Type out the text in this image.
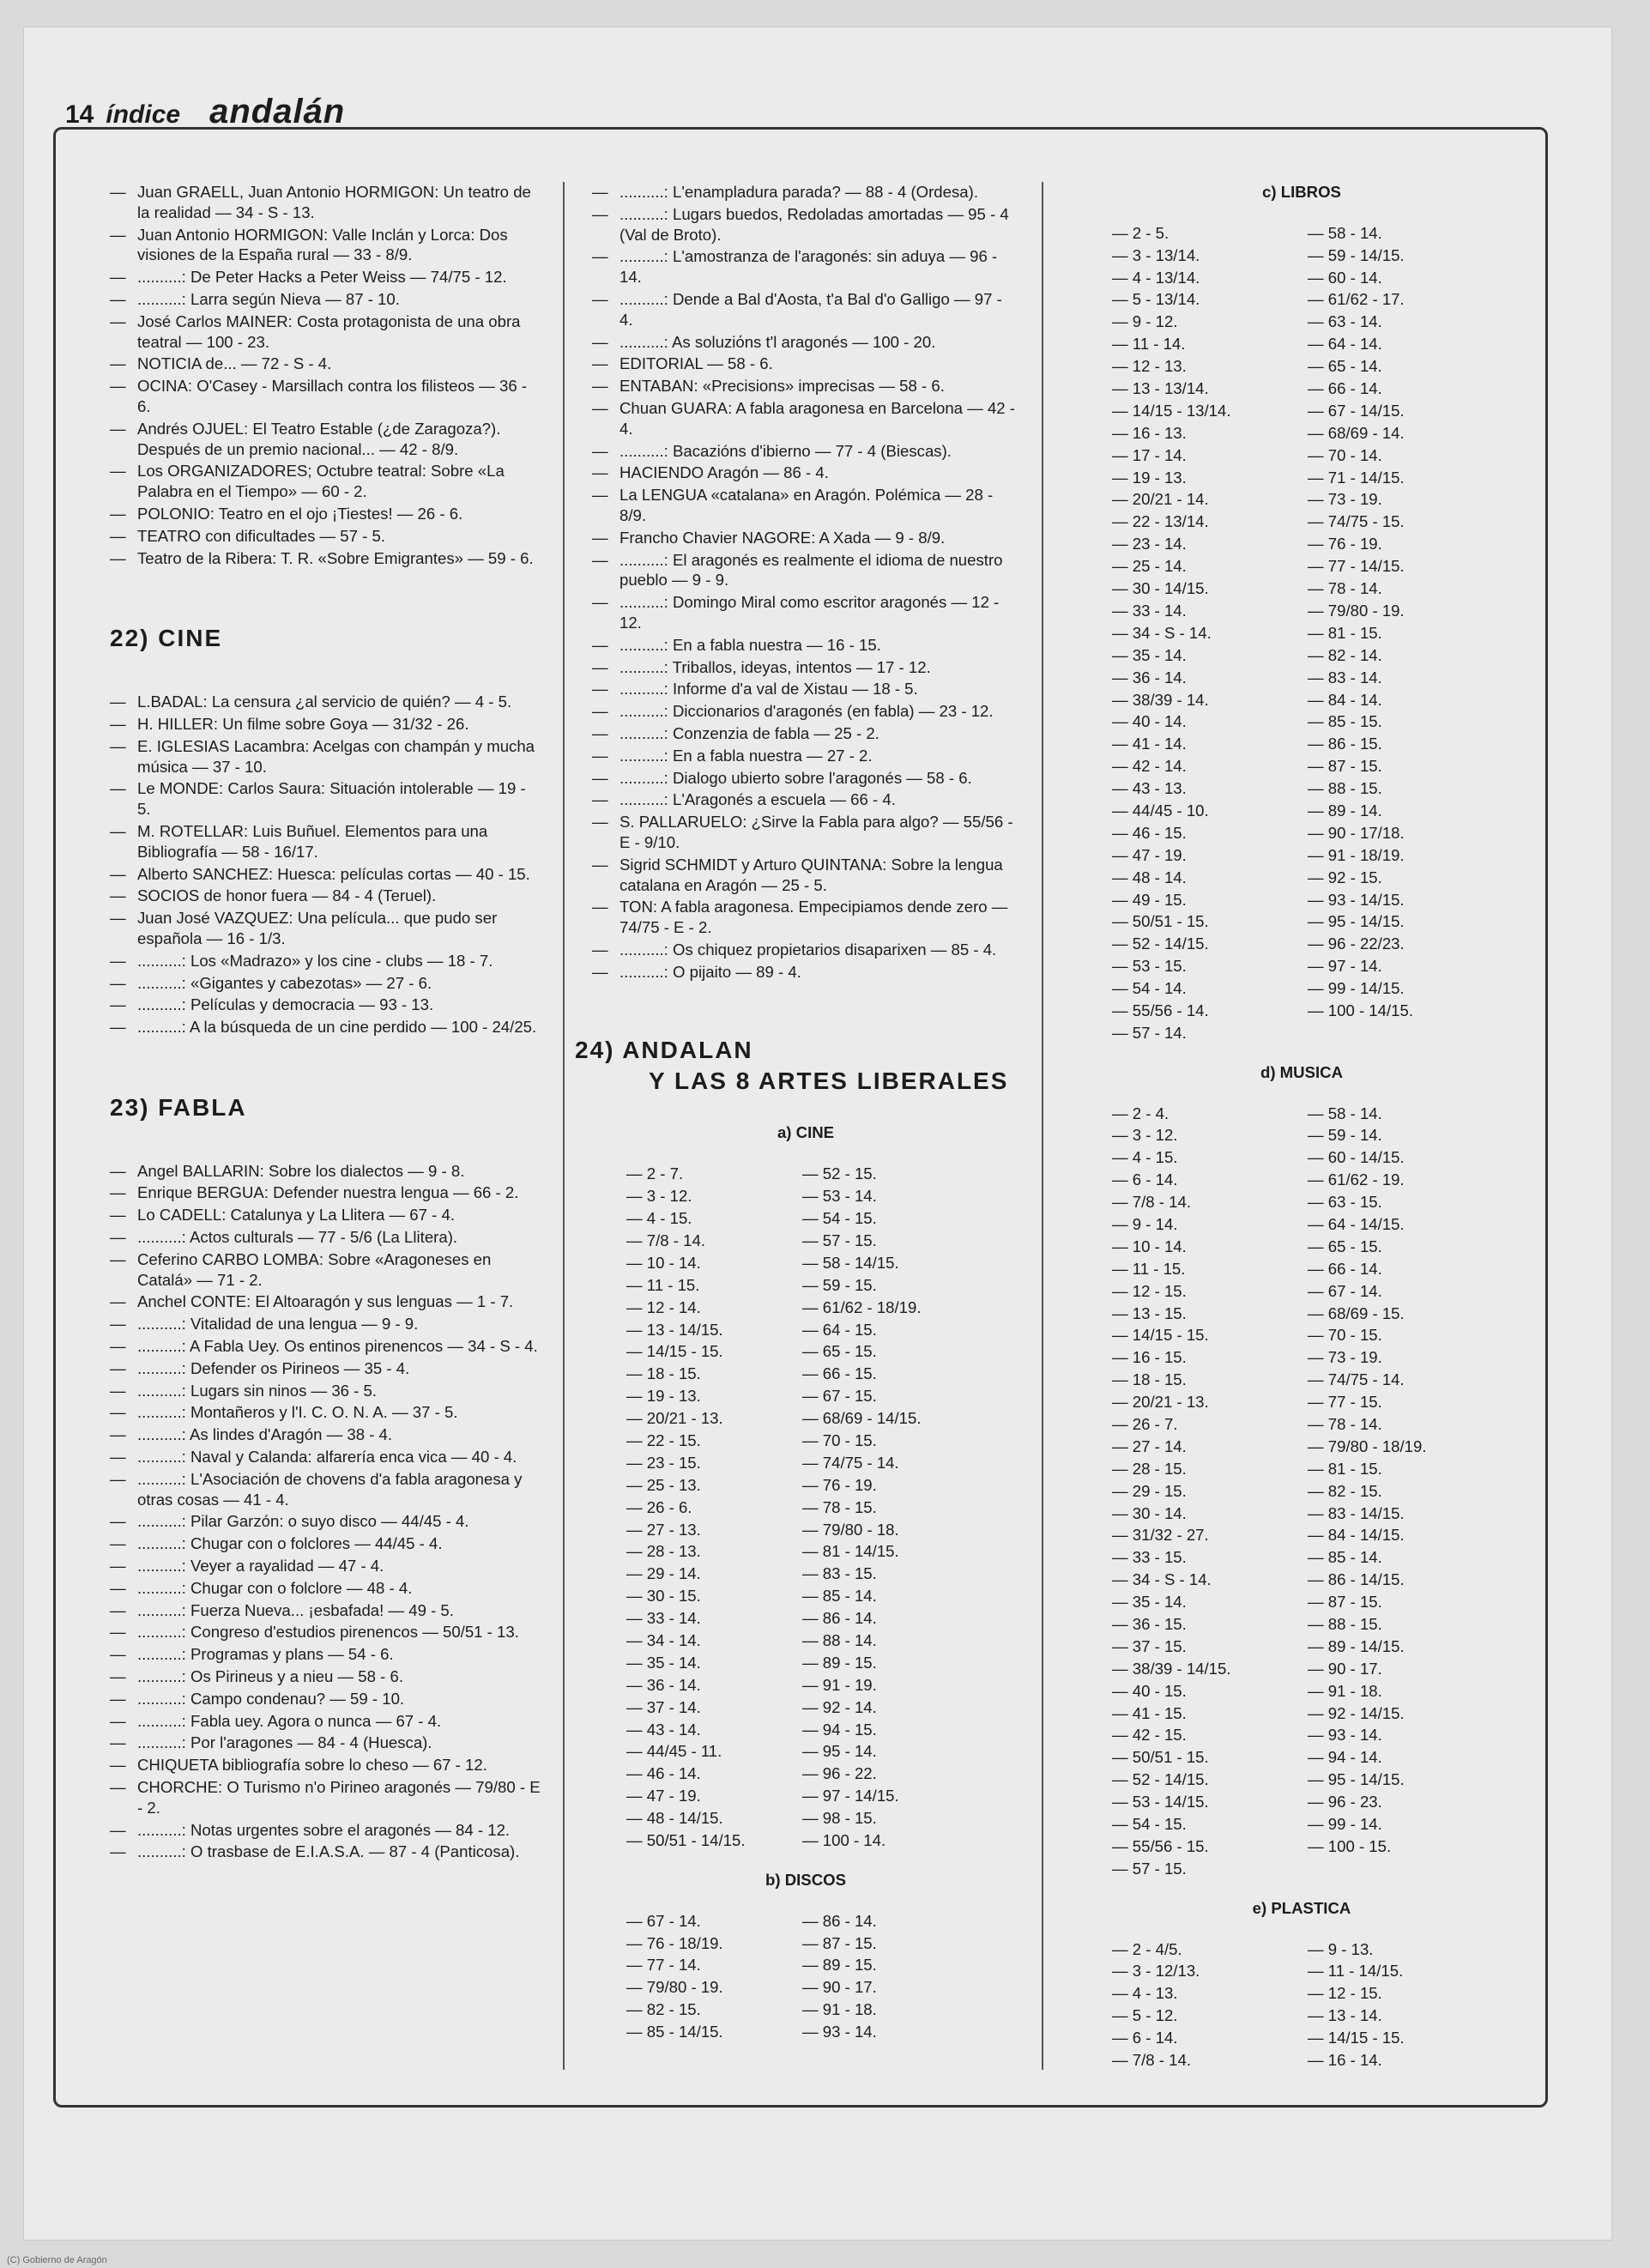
14 índice andalán
— Juan GRAELL, Juan Antonio HORMIGON: Un teatro de la realidad — 34 - S - 13.
— Juan Antonio HORMIGON: Valle Inclán y Lorca: Dos visiones de la España rural — 33 - 8/9.
— ..........: De Peter Hacks a Peter Weiss — 74/75 - 12.
— ..........: Larra según Nieva — 87 - 10.
— José Carlos MAINER: Costa protagonista de una obra teatral — 100 - 23.
— NOTICIA de... — 72 - S - 4.
— OCINA: O'Casey - Marsillach contra los filisteos — 36 - 6.
— Andrés OJUEL: El Teatro Estable (¿de Zaragoza?). Después de un premio nacional... — 42 - 8/9.
— Los ORGANIZADORES; Octubre teatral: Sobre «La Palabra en el Tiempo» — 60 - 2.
— POLONIO: Teatro en el ojo ¡Tiestes! — 26 - 6.
— TEATRO con dificultades — 57 - 5.
— Teatro de la Ribera: T. R. «Sobre Emigrantes» — 59 - 6.
22) CINE
— L.BADAL: La censura ¿al servicio de quién? — 4 - 5.
— H. HILLER: Un filme sobre Goya — 31/32 - 26.
— E. IGLESIAS Lacambra: Acelgas con champán y mucha música — 37 - 10.
— Le MONDE: Carlos Saura: Situación intolerable — 19 - 5.
— M. ROTELLAR: Luis Buñuel. Elementos para una Bibliografía — 58 - 16/17.
— Alberto SANCHEZ: Huesca: películas cortas — 40 - 15.
— SOCIOS de honor fuera — 84 - 4 (Teruel).
— Juan José VAZQUEZ: Una película... que pudo ser española — 16 - 1/3.
— ..........: Los «Madrazo» y los cine - clubs — 18 - 7.
— ..........: «Gigantes y cabezotas» — 27 - 6.
— ..........: Películas y democracia — 93 - 13.
— ..........: A la búsqueda de un cine perdido — 100 - 24/25.
23) FABLA
— Angel BALLARIN: Sobre los dialectos — 9 - 8.
— Enrique BERGUA: Defender nuestra lengua — 66 - 2.
— Lo CADELL: Catalunya y La Llitera — 67 - 4.
— ..........: Actos culturals — 77 - 5/6 (La Llitera).
— Ceferino CARBO LOMBA: Sobre «Aragoneses en Catalá» — 71 - 2.
— Anchel CONTE: El Altoaragón y sus lenguas — 1 - 7.
— ..........: Vitalidad de una lengua — 9 - 9.
— ..........: A Fabla Uey. Os entinos pirenencos — 34 - S - 4.
— ..........: Defender os Pirineos — 35 - 4.
— ..........: Lugars sin ninos — 36 - 5.
— ..........: Montañeros y l'I. C. O. N. A. — 37 - 5.
— ..........: As lindes d'Aragón — 38 - 4.
— ..........: Naval y Calanda: alfarería enca vica — 40 - 4.
— ..........: L'Asociación de chovens d'a fabla aragonesa y otras cosas — 41 - 4.
— ..........: Pilar Garzón: o suyo disco — 44/45 - 4.
— ..........: Chugar con o folclores — 44/45 - 4.
— ..........: Veyer a rayalidad — 47 - 4.
— ..........: Chugar con o folclore — 48 - 4.
— ..........: Fuerza Nueva... ¡esbafada! — 49 - 5.
— ..........: Congreso d'estudios pirenencos — 50/51 - 13.
— ..........: Programas y plans — 54 - 6.
— ..........: Os Pirineus y a nieu — 58 - 6.
— ..........: Campo condenau? — 59 - 10.
— ..........: Fabla uey. Agora o nunca — 67 - 4.
— ..........: Por l'aragones — 84 - 4 (Huesca).
— CHIQUETA bibliografía sobre lo cheso — 67 - 12.
— CHORCHE: O Turismo n'o Pirineo aragonés — 79/80 - E - 2.
— ..........: Notas urgentes sobre el aragonés — 84 - 12.
— ..........: O trasbase de E.I.A.S.A. — 87 - 4 (Panticosa).
— ..........: L'enampladura parada? — 88 - 4 (Ordesa).
— ..........: Lugars buedos, Redoladas amortadas — 95 - 4 (Val de Broto).
— ..........: L'amostranza de l'aragonés: sin aduya — 96 - 14.
— ..........: Dende a Bal d'Aosta, t'a Bal d'o Galligo — 97 - 4.
— ..........: As soluziόns t'l aragonés — 100 - 20.
— EDITORIAL — 58 - 6.
— ENTABAN: «Precisions» imprecisas — 58 - 6.
— Chuan GUARA: A fabla aragonesa en Barcelona — 42 - 4.
— ..........: Bacazións d'ibierno — 77 - 4 (Biescas).
— HACIENDO Aragón — 86 - 4.
— La LENGUA «catalana» en Aragón. Polémica — 28 - 8/9.
— Francho Chavier NAGORE: A Xada — 9 - 8/9.
— ..........: El aragonés es realmente el idioma de nuestro pueblo — 9 - 9.
— ..........: Domingo Miral como escritor aragonés — 12 - 12.
— ..........: En a fabla nuestra — 16 - 15.
— ..........: Triballos, ideyas, intentos — 17 - 12.
— ..........: Informe d'a val de Xistau — 18 - 5.
— ..........: Diccionarios d'aragonés (en fabla) — 23 - 12.
— ..........: Conzenzia de fabla — 25 - 2.
— ..........: En a fabla nuestra — 27 - 2.
— ..........: Dialogo ubierto sobre l'aragonés — 58 - 6.
— ..........: L'Aragonés a escuela — 66 - 4.
— S. PALLARUELO: ¿Sirve la Fabla para algo? — 55/56 - E - 9/10.
— Sigrid SCHMIDT y Arturo QUINTANA: Sobre la lengua catalana en Aragón — 25 - 5.
— TON: A fabla aragonesa. Empecipiamos dende zero — 74/75 - E - 2.
— ..........: Os chiquez propietarios disaparixen — 85 - 4.
— ..........: O pijaito — 89 - 4.
24) ANDALAN
Y LAS 8 ARTES LIBERALES
a) CINE
— 2 - 7.
— 3 - 12.
— 4 - 15.
— 7/8 - 14.
— 10 - 14.
— 11 - 15.
— 12 - 14.
— 13 - 14/15.
— 14/15 - 15.
— 18 - 15.
— 19 - 13.
— 20/21 - 13.
— 22 - 15.
— 23 - 15.
— 25 - 13.
— 26 - 6.
— 27 - 13.
— 28 - 13.
— 29 - 14.
— 30 - 15.
— 33 - 14.
— 34 - 14.
— 35 - 14.
— 36 - 14.
— 37 - 14.
— 43 - 14.
— 44/45 - 11.
— 46 - 14.
— 47 - 19.
— 48 - 14/15.
— 50/51 - 14/15.
— 52 - 15.
— 53 - 14.
— 54 - 15.
— 57 - 15.
— 58 - 14/15.
— 59 - 15.
— 61/62 - 18/19.
— 64 - 15.
— 65 - 15.
— 66 - 15.
— 67 - 15.
— 68/69 - 14/15.
— 70 - 15.
— 74/75 - 14.
— 76 - 19.
— 78 - 15.
— 79/80 - 18.
— 81 - 14/15.
— 83 - 15.
— 85 - 14.
— 86 - 14.
— 88 - 14.
— 89 - 15.
— 91 - 19.
— 92 - 14.
— 94 - 15.
— 95 - 14.
— 96 - 22.
— 97 - 14/15.
— 98 - 15.
— 100 - 14.
b) DISCOS
— 67 - 14.
— 76 - 18/19.
— 77 - 14.
— 79/80 - 19.
— 82 - 15.
— 85 - 14/15.
— 86 - 14.
— 87 - 15.
— 89 - 15.
— 90 - 17.
— 91 - 18.
— 93 - 14.
c) LIBROS
— 2 - 5.
— 3 - 13/14.
— 4 - 13/14.
— 5 - 13/14.
— 9 - 12.
— 11 - 14.
— 12 - 13.
— 13 - 13/14.
— 14/15 - 13/14.
— 16 - 13.
— 17 - 14.
— 19 - 13.
— 20/21 - 14.
— 22 - 13/14.
— 23 - 14.
— 25 - 14.
— 30 - 14/15.
— 33 - 14.
— 34 - S - 14.
— 35 - 14.
— 36 - 14.
— 38/39 - 14.
— 40 - 14.
— 41 - 14.
— 42 - 14.
— 43 - 13.
— 44/45 - 10.
— 46 - 15.
— 47 - 19.
— 48 - 14.
— 49 - 15.
— 50/51 - 15.
— 52 - 14/15.
— 53 - 15.
— 54 - 14.
— 55/56 - 14.
— 57 - 14.
— 58 - 14.
— 59 - 14/15.
— 60 - 14.
— 61/62 - 17.
— 63 - 14.
— 64 - 14.
— 65 - 14.
— 66 - 14.
— 67 - 14/15.
— 68/69 - 14.
— 70 - 14.
— 71 - 14/15.
— 73 - 19.
— 74/75 - 15.
— 76 - 19.
— 77 - 14/15.
— 78 - 14.
— 79/80 - 19.
— 81 - 15.
— 82 - 14.
— 83 - 14.
— 84 - 14.
— 85 - 15.
— 86 - 15.
— 87 - 15.
— 88 - 15.
— 89 - 14.
— 90 - 17/18.
— 91 - 18/19.
— 92 - 15.
— 93 - 14/15.
— 95 - 14/15.
— 96 - 22/23.
— 97 - 14.
— 99 - 14/15.
— 100 - 14/15.
d) MUSICA
— 2 - 4.
— 3 - 12.
— 4 - 15.
— 6 - 14.
— 7/8 - 14.
— 9 - 14.
— 10 - 14.
— 11 - 15.
— 12 - 15.
— 13 - 15.
— 14/15 - 15.
— 16 - 15.
— 18 - 15.
— 20/21 - 13.
— 26 - 7.
— 27 - 14.
— 28 - 15.
— 29 - 15.
— 30 - 14.
— 31/32 - 27.
— 33 - 15.
— 34 - S - 14.
— 35 - 14.
— 36 - 15.
— 37 - 15.
— 38/39 - 14/15.
— 40 - 15.
— 41 - 15.
— 42 - 15.
— 50/51 - 15.
— 52 - 14/15.
— 53 - 14/15.
— 54 - 15.
— 55/56 - 15.
— 57 - 15.
— 58 - 14.
— 59 - 14.
— 60 - 14/15.
— 61/62 - 19.
— 63 - 15.
— 64 - 14/15.
— 65 - 15.
— 66 - 14.
— 67 - 14.
— 68/69 - 15.
— 70 - 15.
— 73 - 19.
— 74/75 - 14.
— 77 - 15.
— 78 - 14.
— 79/80 - 18/19.
— 81 - 15.
— 82 - 15.
— 83 - 14/15.
— 84 - 14/15.
— 85 - 14.
— 86 - 14/15.
— 87 - 15.
— 88 - 15.
— 89 - 14/15.
— 90 - 17.
— 91 - 18.
— 92 - 14/15.
— 93 - 14.
— 94 - 14.
— 95 - 14/15.
— 96 - 23.
— 99 - 14.
— 100 - 15.
e) PLASTICA
— 2 - 4/5.
— 3 - 12/13.
— 4 - 13.
— 5 - 12.
— 6 - 14.
— 7/8 - 14.
— 9 - 13.
— 11 - 14/15.
— 12 - 15.
— 13 - 14.
— 14/15 - 15.
— 16 - 14.
(C) Gobierno de Aragón
